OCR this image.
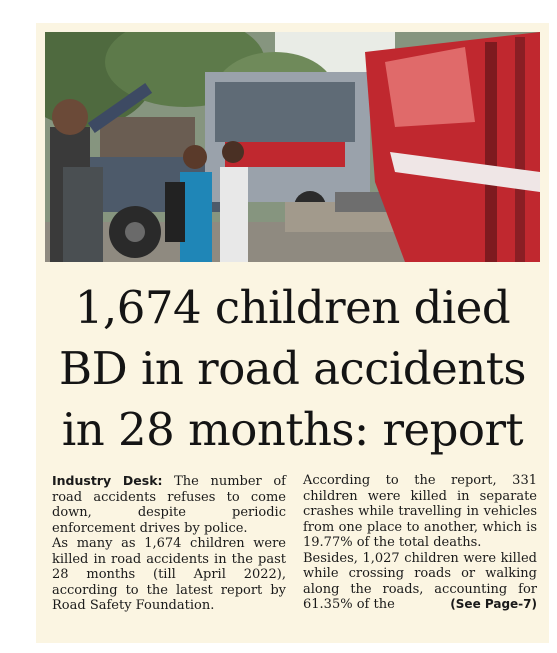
1,674 children died
BD in road accidents
in 28 months: report

Industry Desk: The number of road accidents refuses to come down, despite periodic enforcement drives by police.

As many as 1,674 children were killed in road accidents in the past 28 months (till April 2022), according to the latest report by Road Safety Foundation.

According to the report, 331 children were killed in separate crashes while travelling in vehicles from one place to another, which is 19.77% of the total deaths.

Besides, 1,027 children were killed while crossing roads or walking along the roads, accounting for 61.35% of the	(See Page-7)
